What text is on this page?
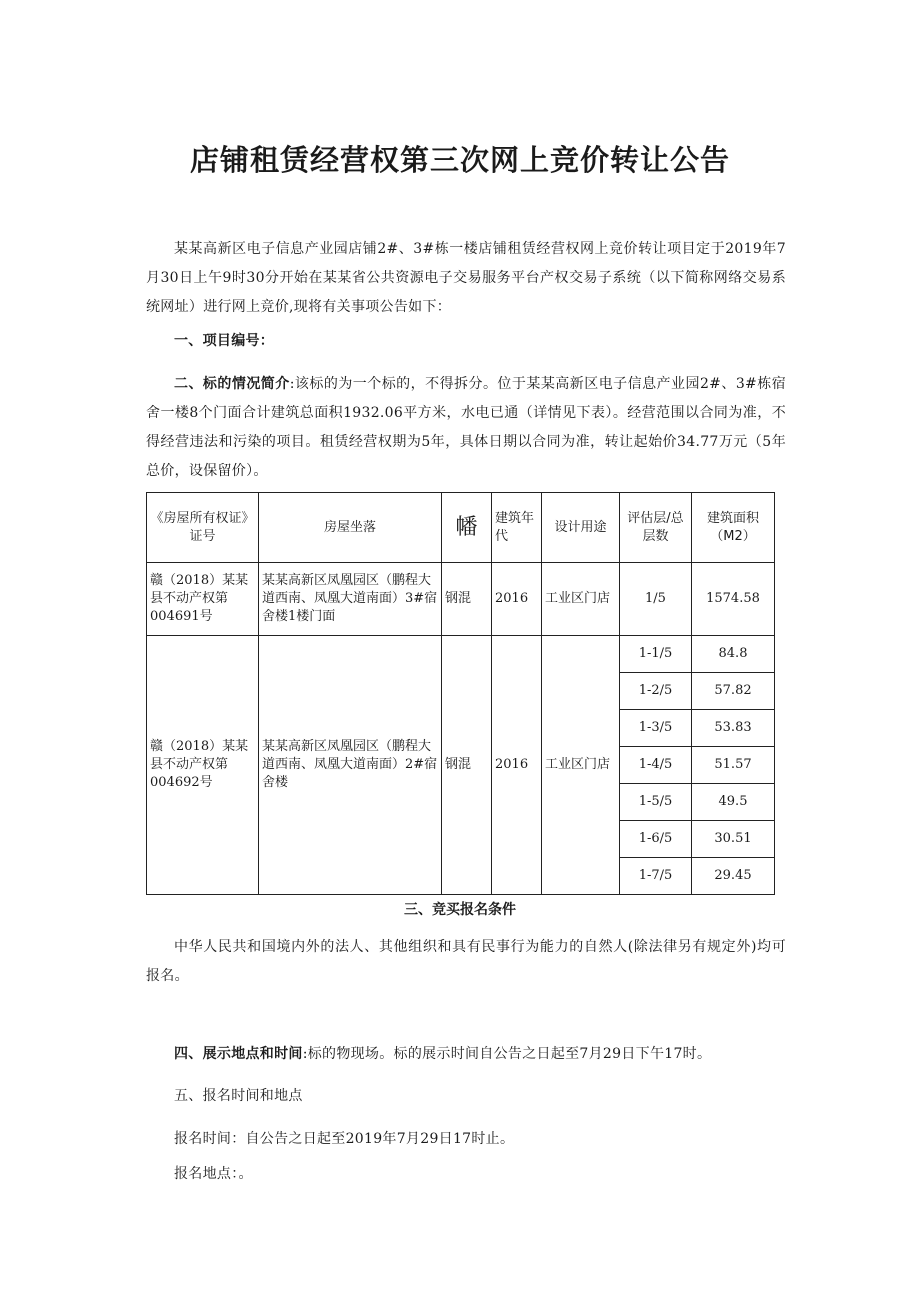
店铺租赁经营权第三次网上竞价转让公告
某某高新区电子信息产业园店铺2#、3#栋一楼店铺租赁经营权网上竞价转让项目定于2019年7月30日上午9时30分开始在某某省公共资源电子交易服务平台产权交易子系统（以下简称网络交易系统网址）进行网上竞价,现将有关事项公告如下：
一、项目编号：
二、标的情况简介:该标的为一个标的，不得拆分。位于某某高新区电子信息产业园2#、3#栋宿舍一楼8个门面合计建筑总面积1932.06平方米，水电已通（详情见下表）。经营范围以合同为准，不得经营违法和污染的项目。租赁经营权期为5年，具体日期以合同为准，转让起始价34.77万元（5年总价，设保留价）。
《房屋所有权证》证号	房屋坐落	幡	建筑年代	设计用途	评估层/总层数	建筑面积（M2）
赣（2018）某某县不动产权第004691号	某某高新区凤凰园区（鹏程大道西南、凤凰大道南面）3#宿舍楼1楼门面	钢混	2016	工业区门店	1/5	1574.58
赣（2018）某某县不动产权第004692号	某某高新区凤凰园区（鹏程大道西南、凤凰大道南面）2#宿舍楼	钢混	2016	工业区门店	1-1/5	84.8
					1-2/5	57.82
					1-3/5	53.83
					1-4/5	51.57
					1-5/5	49.5
					1-6/5	30.51
					1-7/5	29.45
三、竞买报名条件
中华人民共和国境内外的法人、其他组织和具有民事行为能力的自然人(除法律另有规定外)均可报名。
四、展示地点和时间:标的物现场。标的展示时间自公告之日起至7月29日下午17时。
五、报名时间和地点
报名时间：自公告之日起至2019年7月29日17时止。
报名地点：。
